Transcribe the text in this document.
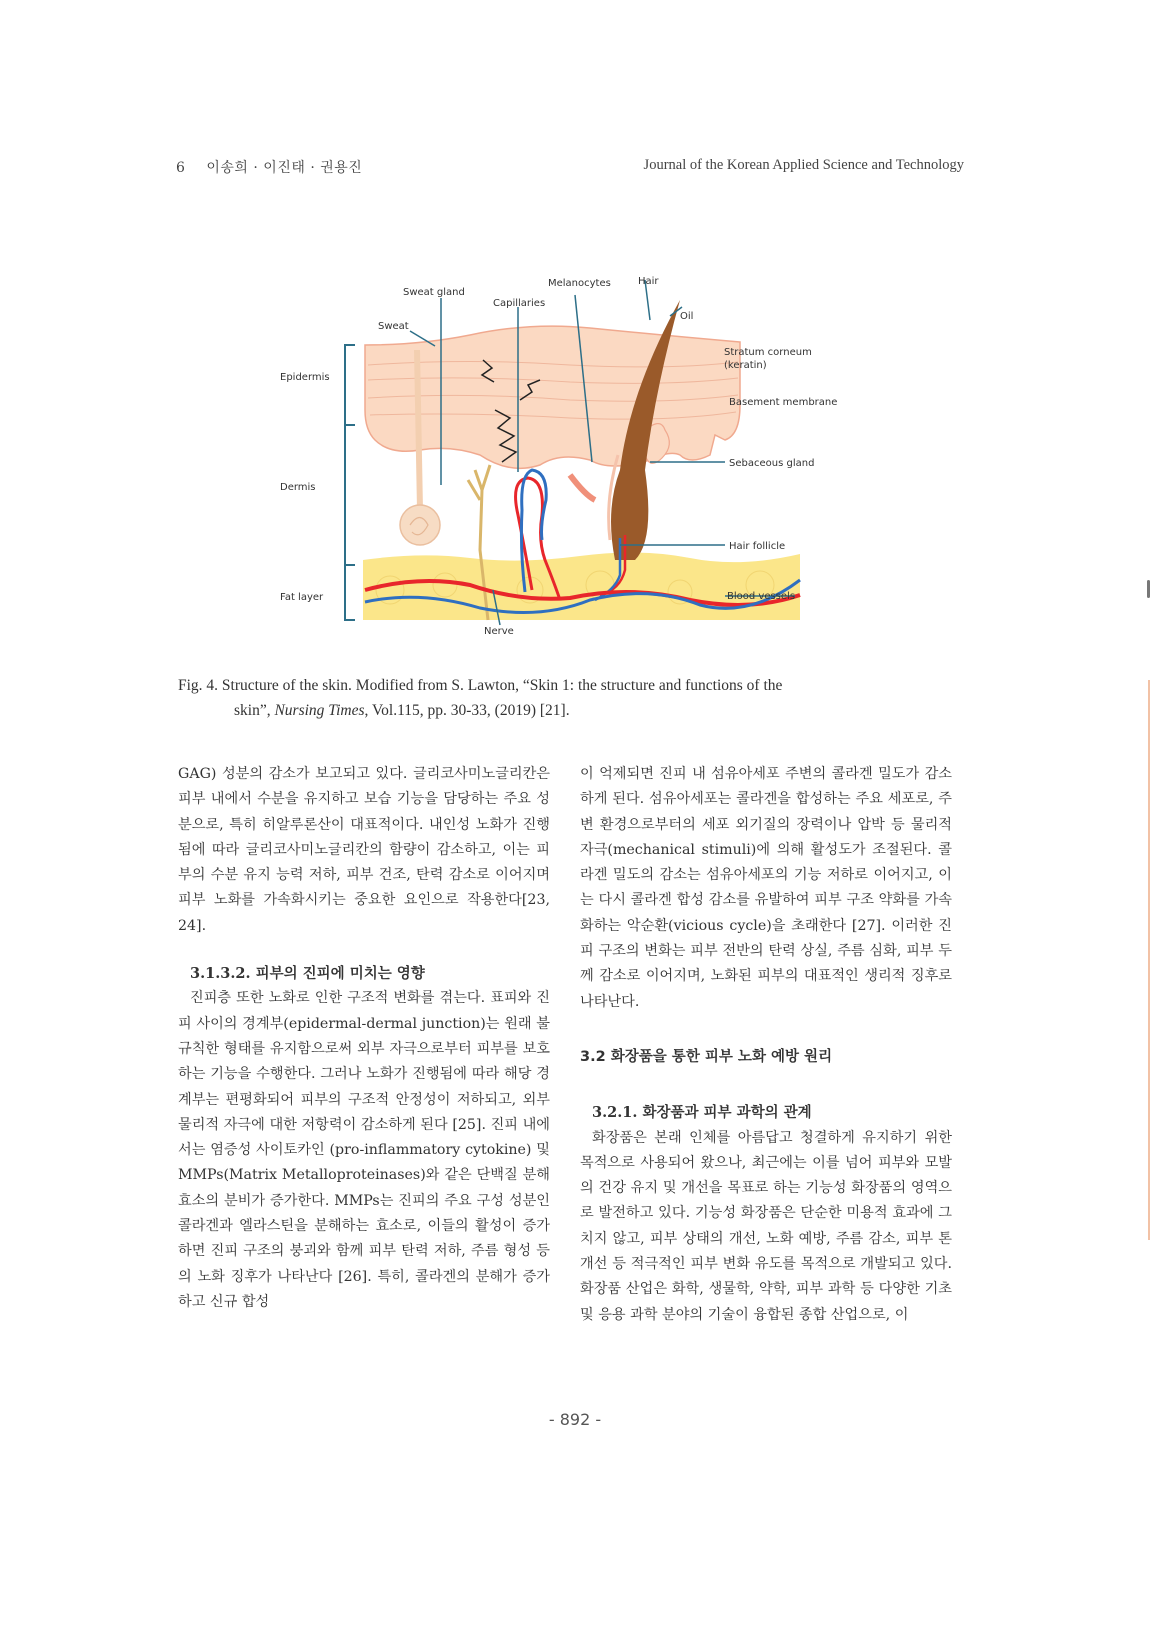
6 이송희 · 이진태 · 권용진	Journal of the Korean Applied Science and Technology
Epidermis
Dermis
Fat layer
Sweat gland
Sweat
Capillaries
Melanocytes	Hair
Oil
Stratum corneum
(keratin)
Basement membrane
Sebaceous gland
Hair follicle
Blood vessels
Nerve
Fig. 4. Structure of the skin. Modified from S. Lawton, “Skin 1: the structure and functions of the
skin”, Nursing Times, Vol.115, pp. 30-33, (2019) [21].

GAG) 성분의 감소가 보고되고 있다. 글리코사미노글리칸은 피부 내에서 수분을 유지하고 보습 기능을 담당하는 주요 성분으로, 특히 히알루론산이 대표적이다. 내인성 노화가 진행됨에 따라 글리코사미노글리칸의 함량이 감소하고, 이는 피부의 수분 유지 능력 저하, 피부 건조, 탄력 감소로 이어지며 피부 노화를 가속화시키는 중요한 요인으로 작용한다[23, 24].

3.1.3.2. 피부의 진피에 미치는 영향

진피층 또한 노화로 인한 구조적 변화를 겪는다. 표피와 진피 사이의 경계부(epidermal-dermal junction)는 원래 불규칙한 형태를 유지함으로써 외부 자극으로부터 피부를 보호하는 기능을 수행한다. 그러나 노화가 진행됨에 따라 해당 경계부는 편평화되어 피부의 구조적 안정성이 저하되고, 외부 물리적 자극에 대한 저항력이 감소하게 된다 [25]. 진피 내에서는 염증성 사이토카인 (pro-inflammatory cytokine) 및 MMPs(Matrix Metalloproteinases)와 같은 단백질 분해 효소의 분비가 증가한다. MMPs는 진피의 주요 구성 성분인 콜라겐과 엘라스틴을 분해하는 효소로, 이들의 활성이 증가하면 진피 구조의 붕괴와 함께 피부 탄력 저하, 주름 형성 등의 노화 징후가 나타난다 [26]. 특히, 콜라겐의 분해가 증가하고 신규 합성

이 억제되면 진피 내 섬유아세포 주변의 콜라겐 밀도가 감소하게 된다. 섬유아세포는 콜라겐을 합성하는 주요 세포로, 주변 환경으로부터의 세포 외기질의 장력이나 압박 등 물리적 자극(mechanical stimuli)에 의해 활성도가 조절된다. 콜라겐 밀도의 감소는 섬유아세포의 기능 저하로 이어지고, 이는 다시 콜라겐 합성 감소를 유발하여 피부 구조 약화를 가속화하는 악순환(vicious cycle)을 초래한다 [27]. 이러한 진피 구조의 변화는 피부 전반의 탄력 상실, 주름 심화, 피부 두께 감소로 이어지며, 노화된 피부의 대표적인 생리적 징후로 나타난다.

3.2 화장품을 통한 피부 노화 예방 원리
3.2.1. 화장품과 피부 과학의 관계

화장품은 본래 인체를 아름답고 청결하게 유지하기 위한 목적으로 사용되어 왔으나, 최근에는 이를 넘어 피부와 모발의 건강 유지 및 개선을 목표로 하는 기능성 화장품의 영역으로 발전하고 있다. 기능성 화장품은 단순한 미용적 효과에 그치지 않고, 피부 상태의 개선, 노화 예방, 주름 감소, 피부 톤 개선 등 적극적인 피부 변화 유도를 목적으로 개발되고 있다. 화장품 산업은 화학, 생물학, 약학, 피부 과학 등 다양한 기초 및 응용 과학 분야의 기술이 융합된 종합 산업으로, 이

- 892 -
